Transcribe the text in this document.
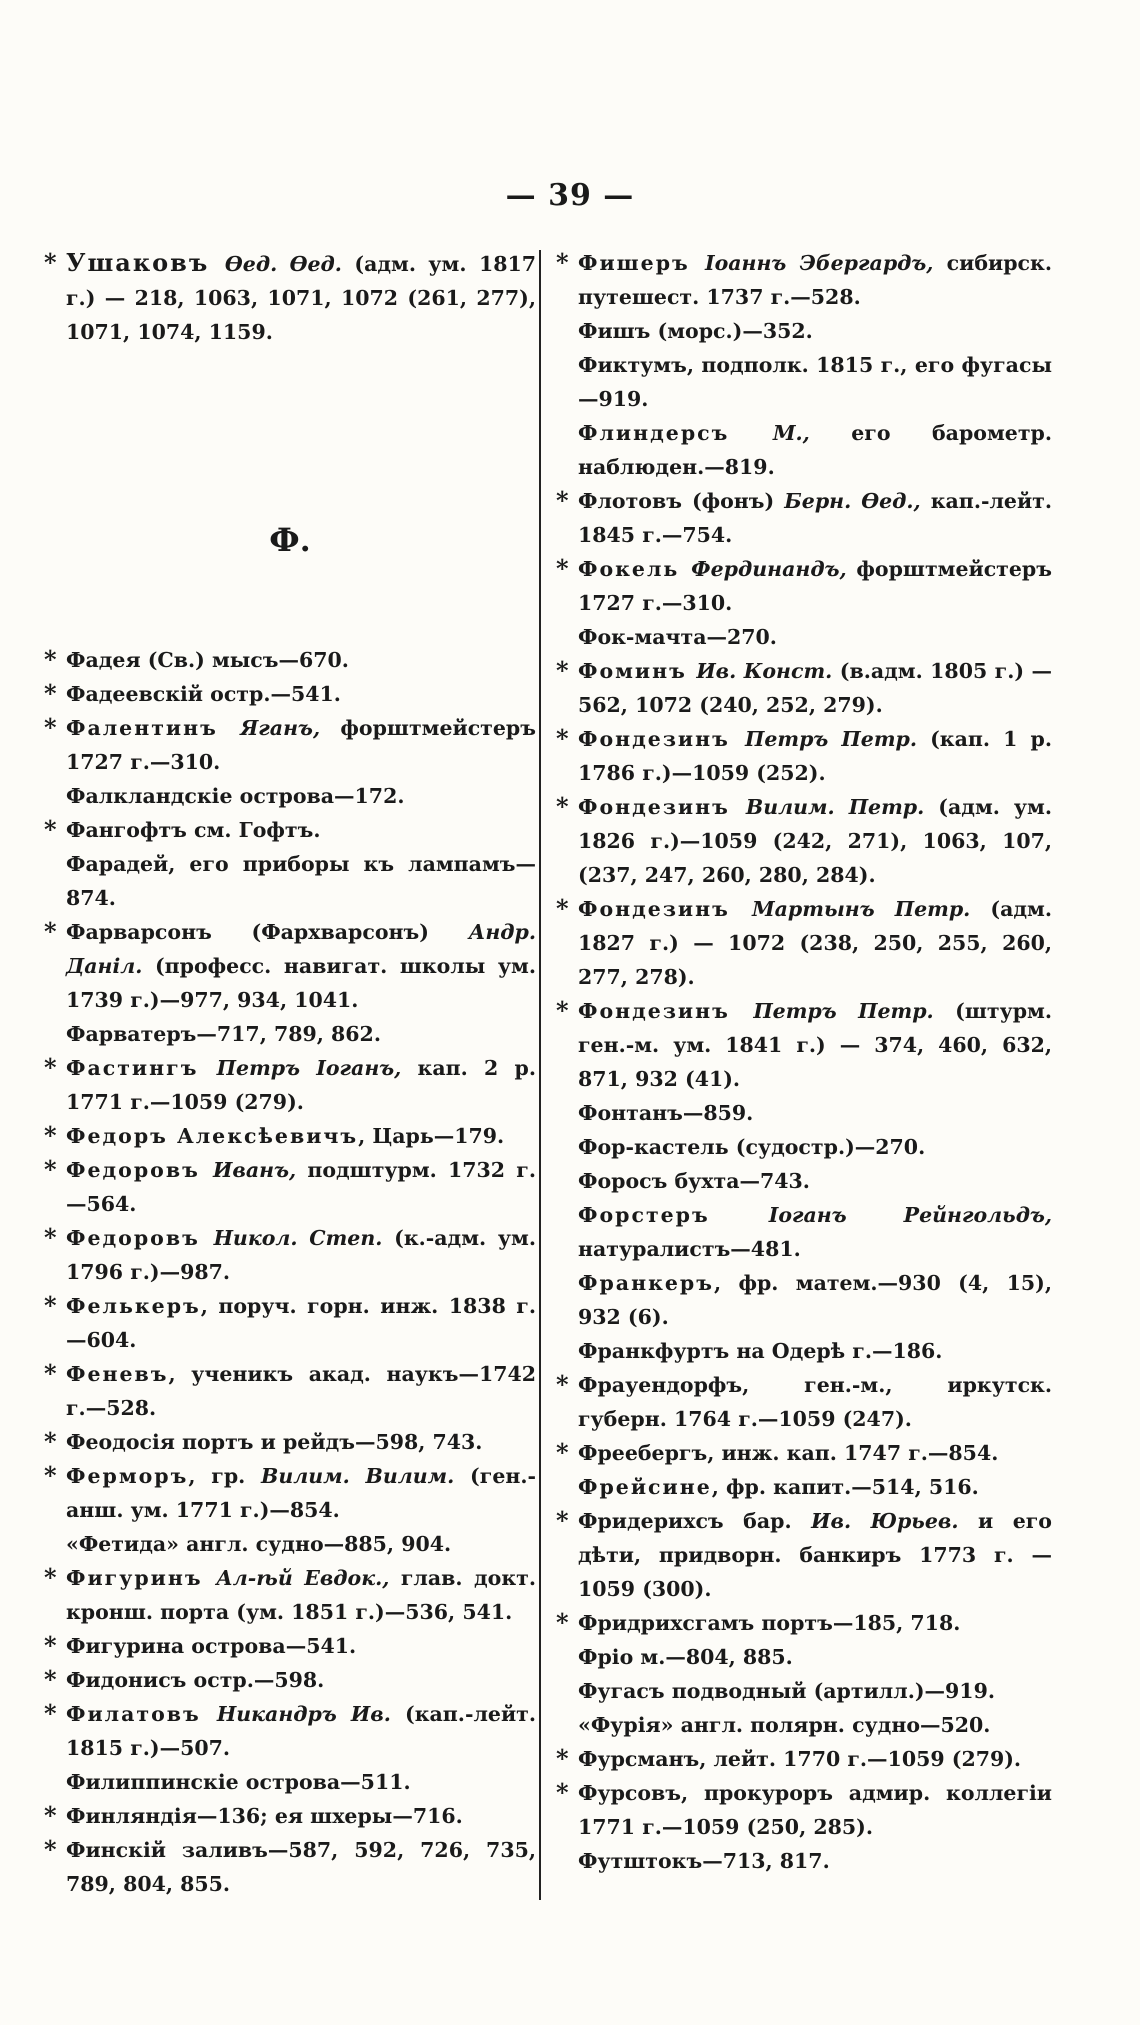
— 39 —

* Ушаковъ Өед. Өед. (адм. ум. 1817 г.) — 218, 1063, 1071, 1072 (261, 277), 1071, 1074, 1159.

Ф.

* Фадея (Св.) мысъ—670.

* Фадеевскій остр.—541.

* Фалентинъ Яганъ, форштмейстеръ 1727 г.—310.

Фалкландскіе острова—172.

* Фангофтъ см. Гофтъ.

Фарадей, его приборы къ лампамъ—874.

* Фарварсонъ (Фархварсонъ) Андр. Даніл. (професс. навигат. школы ум. 1739 г.)—977, 934, 1041.

Фарватеръ—717, 789, 862.

* Фастингъ Петръ Іоганъ, кап. 2 р. 1771 г.—1059 (279).

* Федоръ Алексѣевичъ, Царь—179.

* Федоровъ Иванъ, подштурм. 1732 г. —564.

* Федоровъ Никол. Степ. (к.-адм. ум. 1796 г.)—987.

* Фелькеръ, поруч. горн. инж. 1838 г. —604.

* Феневъ, ученикъ акад. наукъ—1742 г.—528.

* Феодосія портъ и рейдъ—598, 743.

* Ферморъ, гр. Вилим. Вилим. (ген.-анш. ум. 1771 г.)—854.

«Фетида» англ. судно—885, 904.

* Фигуринъ Ал-ѣй Евдок., глав. докт. кронш. порта (ум. 1851 г.)—536, 541.

* Фигурина острова—541.

* Фидонисъ остр.—598.

* Филатовъ Никандръ Ив. (кап.-лейт. 1815 г.)—507.

Филиппинскіе острова—511.

* Финляндія—136; ея шхеры—716.

* Финскій заливъ—587, 592, 726, 735, 789, 804, 855.

* Фишеръ Іоаннъ Эбергардъ, сибирск. путешест. 1737 г.—528.

Фишъ (морс.)—352.

Фиктумъ, подполк. 1815 г., его фугасы—919.

Флиндерсъ М., его барометр. наблюден.—819.

* Флотовъ (фонъ) Берн. Өед., кап.-лейт. 1845 г.—754.

* Фокель Фердинандъ, форштмейстеръ 1727 г.—310.

Фок-мачта—270.

* Фоминъ Ив. Конст. (в.адм. 1805 г.) —562, 1072 (240, 252, 279).

* Фондезинъ Петръ Петр. (кап. 1 р. 1786 г.)—1059 (252).

* Фондезинъ Вилим. Петр. (адм. ум. 1826 г.)—1059 (242, 271), 1063, 107, (237, 247, 260, 280, 284).

* Фондезинъ Мартынъ Петр. (адм. 1827 г.) — 1072 (238, 250, 255, 260, 277, 278).

* Фондезинъ Петръ Петр. (штурм. ген.-м. ум. 1841 г.) — 374, 460, 632, 871, 932 (41).

Фонтанъ—859.

Фор-кастель (судостр.)—270.

Форосъ бухта—743.

Форстеръ Іоганъ Рейнгольдъ, натуралистъ—481.

Франкеръ, фр. матем.—930 (4, 15), 932 (6).

Франкфуртъ на Одерѣ г.—186.

* Фрауендорфъ, ген.-м., иркутск. губерн. 1764 г.—1059 (247).

* Фреебергъ, инж. кап. 1747 г.—854.

Фрейсине, фр. капит.—514, 516.

* Фридерихсъ бар. Ив. Юрьев. и его дѣти, придворн. банкиръ 1773 г. — 1059 (300).

* Фридрихсгамъ портъ—185, 718.

Фріо м.—804, 885.

Фугасъ подводный (артилл.)—919.

«Фурія» англ. полярн. судно—520.

* Фурсманъ, лейт. 1770 г.—1059 (279).

* Фурсовъ, прокуроръ адмир. коллегіи 1771 г.—1059 (250, 285).

Футштокъ—713, 817.
